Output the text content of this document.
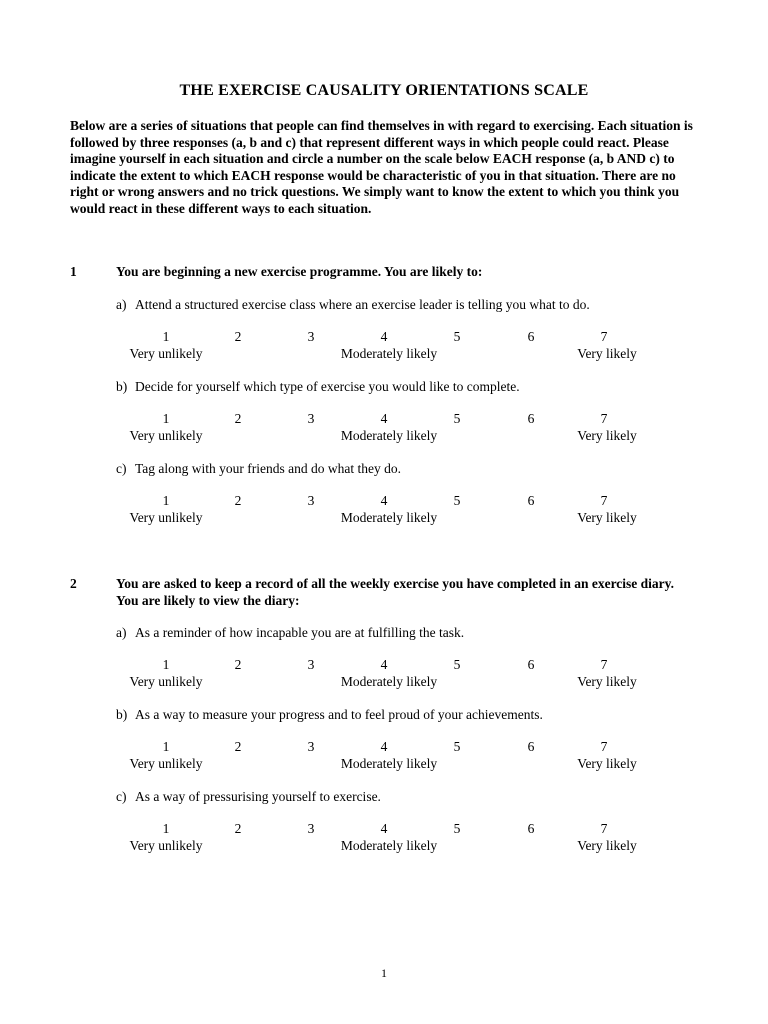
THE EXERCISE CAUSALITY ORIENTATIONS SCALE
Below are a series of situations that people can find themselves in with regard to exercising. Each situation is followed by three responses (a, b and c) that represent different ways in which people could react. Please imagine yourself in each situation and circle a number on the scale below EACH response (a, b AND c) to indicate the extent to which EACH response would be characteristic of you in that situation. There are no right or wrong answers and no trick questions. We simply want to know the extent to which you think you would react in these different ways to each situation.
1	You are beginning a new exercise programme. You are likely to:
a) Attend a structured exercise class where an exercise leader is telling you what to do.
1	2	3	4	5	6	7
Very unlikely	Moderately likely	Very likely
b) Decide for yourself which type of exercise you would like to complete.
1	2	3	4	5	6	7
Very unlikely	Moderately likely	Very likely
c) Tag along with your friends and do what they do.
1	2	3	4	5	6	7
Very unlikely	Moderately likely	Very likely
2	You are asked to keep a record of all the weekly exercise you have completed in an exercise diary. You are likely to view the diary:
a) As a reminder of how incapable you are at fulfilling the task.
1	2	3	4	5	6	7
Very unlikely	Moderately likely	Very likely
b) As a way to measure your progress and to feel proud of your achievements.
1	2	3	4	5	6	7
Very unlikely	Moderately likely	Very likely
c) As a way of pressurising yourself to exercise.
1	2	3	4	5	6	7
Very unlikely	Moderately likely	Very likely
1
